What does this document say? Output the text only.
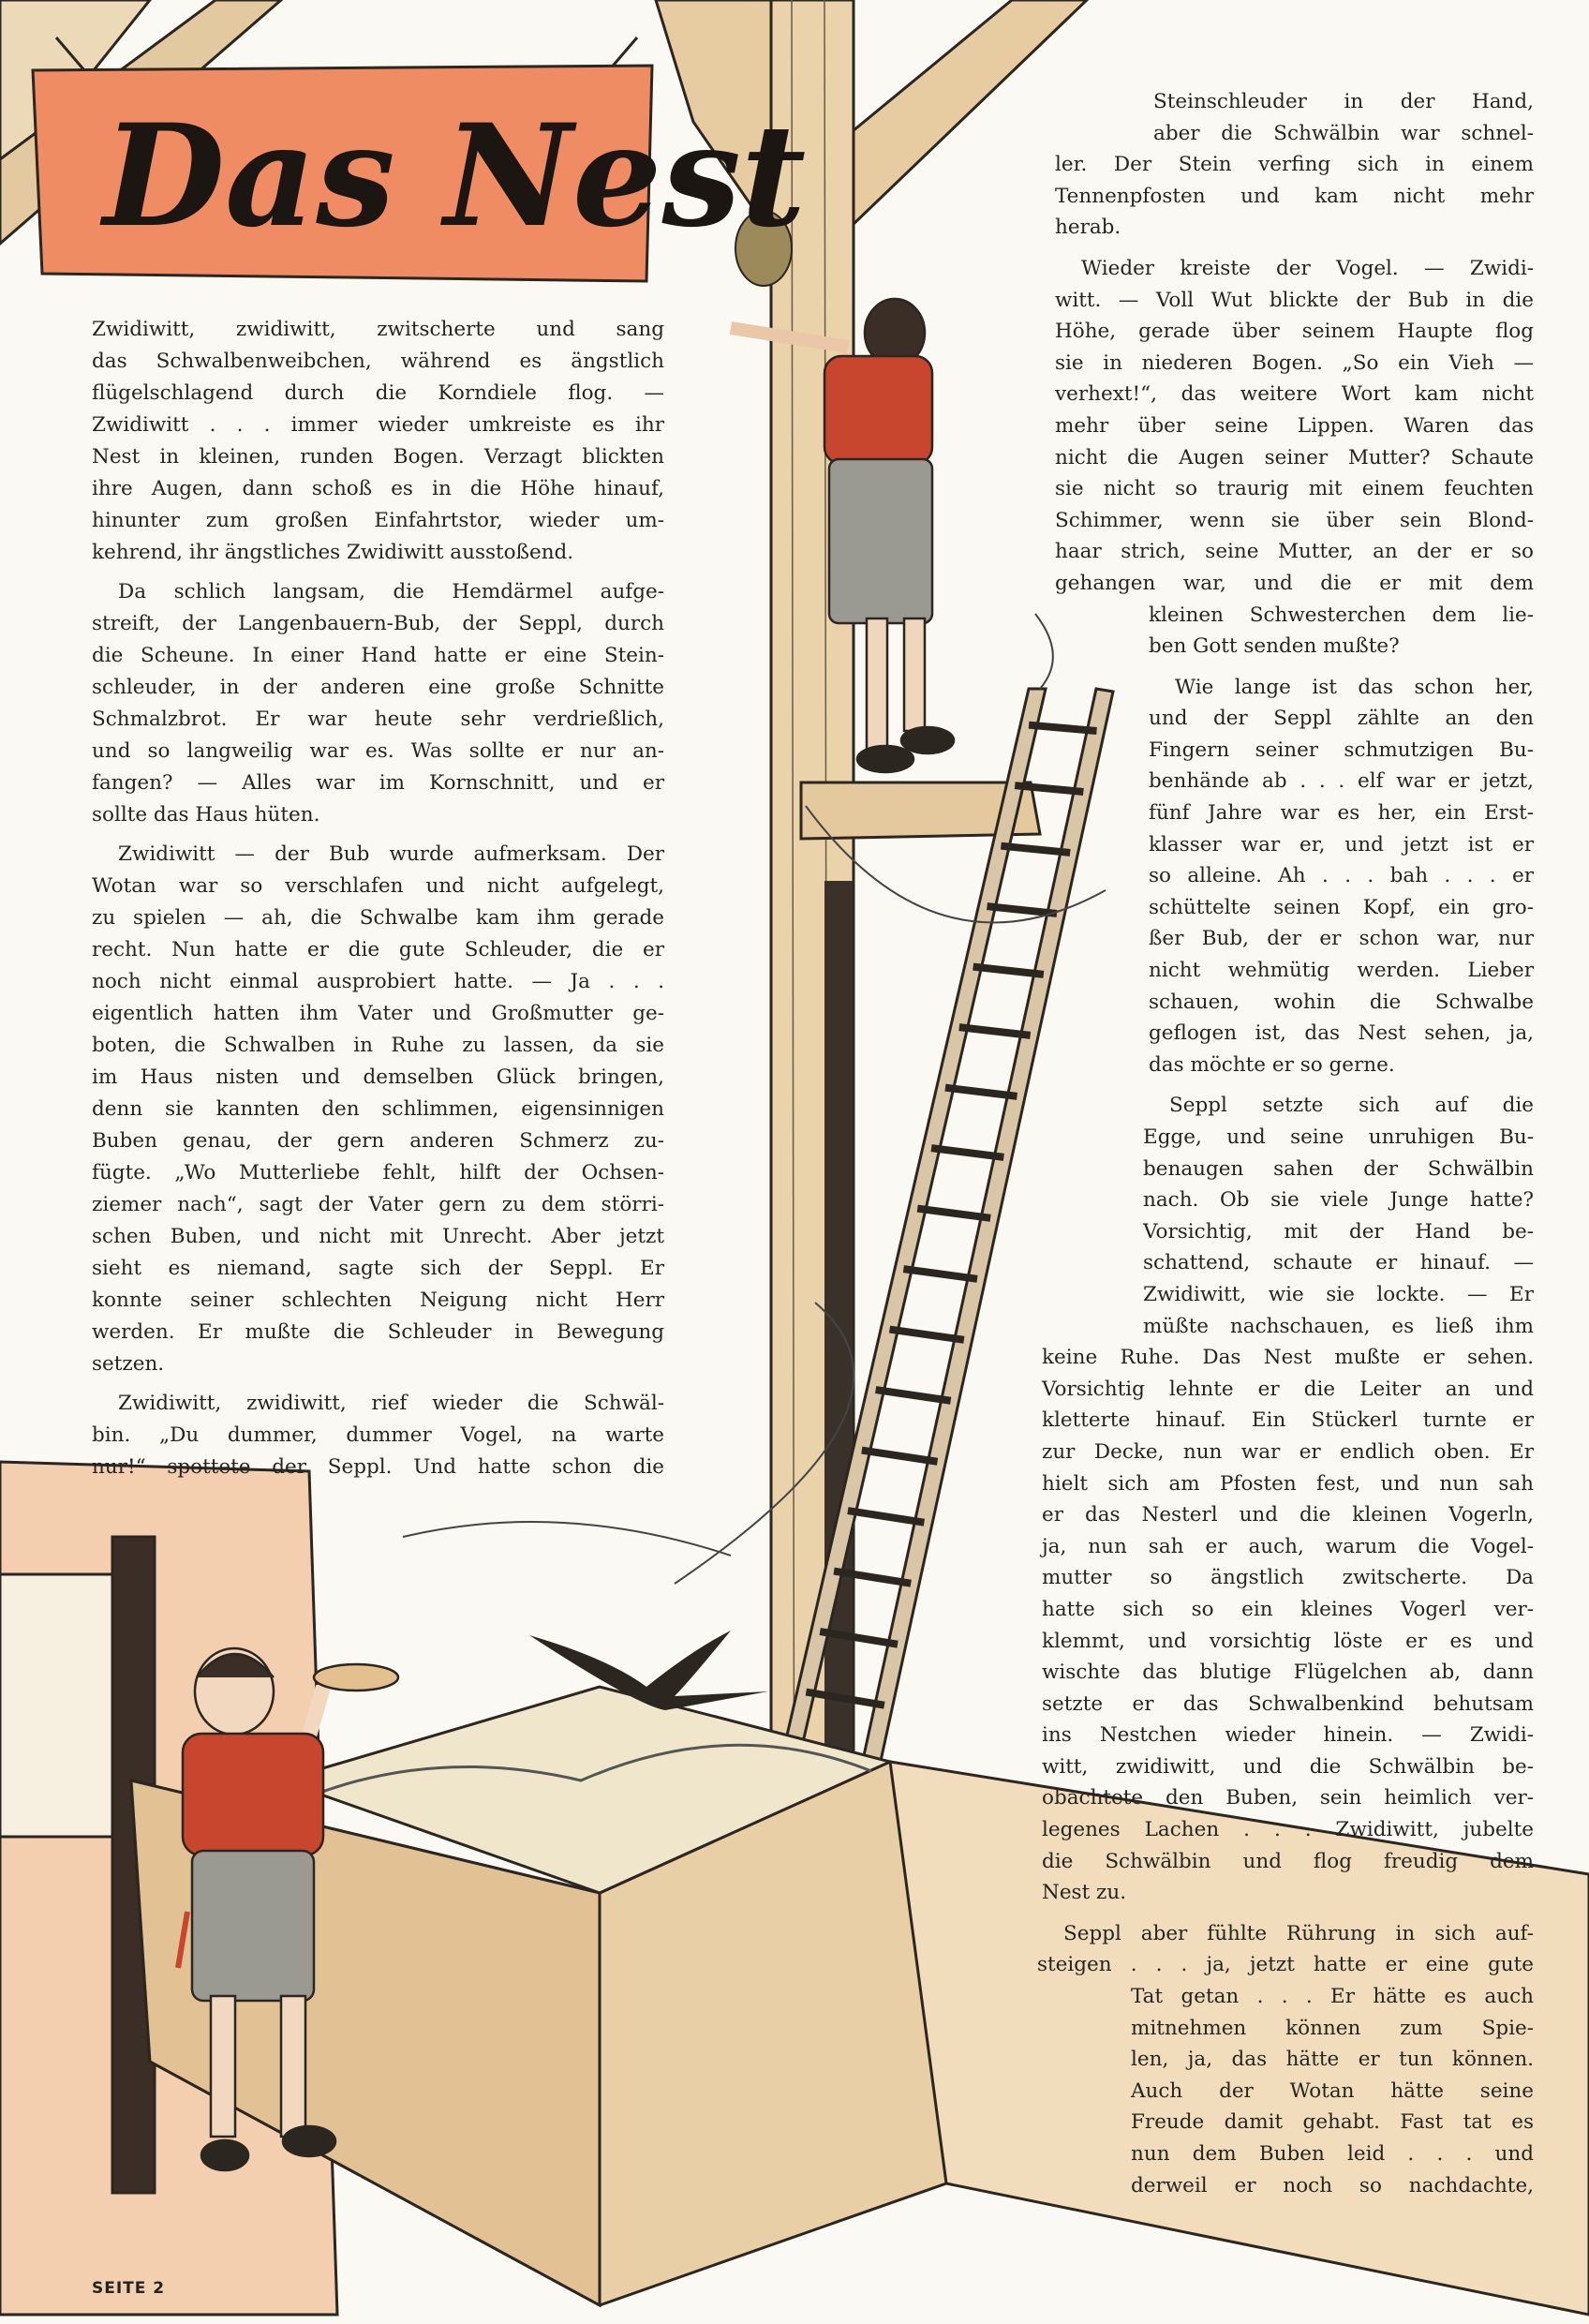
Das Nest
Zwidiwitt, zwidiwitt, zwitscherte und sang
das Schwalbenweibchen, während es ängstlich
flügelschlagend durch die Korndiele flog. —
Zwidiwitt . . . immer wieder umkreiste es ihr
Nest in kleinen, runden Bogen. Verzagt blickten
ihre Augen, dann schoß es in die Höhe hinauf,
hinunter zum großen Einfahrtstor, wieder um-
kehrend, ihr ängstliches Zwidiwitt ausstoßend.
Da schlich langsam, die Hemdärmel aufge-
streift, der Langenbauern-Bub, der Seppl, durch
die Scheune. In einer Hand hatte er eine Stein-
schleuder, in der anderen eine große Schnitte
Schmalzbrot. Er war heute sehr verdrießlich,
und so langweilig war es. Was sollte er nur an-
fangen? — Alles war im Kornschnitt, und er
sollte das Haus hüten.
Zwidiwitt — der Bub wurde aufmerksam. Der
Wotan war so verschlafen und nicht aufgelegt,
zu spielen — ah, die Schwalbe kam ihm gerade
recht. Nun hatte er die gute Schleuder, die er
noch nicht einmal ausprobiert hatte. — Ja . . .
eigentlich hatten ihm Vater und Großmutter ge-
boten, die Schwalben in Ruhe zu lassen, da sie
im Haus nisten und demselben Glück bringen,
denn sie kannten den schlimmen, eigensinnigen
Buben genau, der gern anderen Schmerz zu-
fügte. „Wo Mutterliebe fehlt, hilft der Ochsen-
ziemer nach“, sagt der Vater gern zu dem störri-
schen Buben, und nicht mit Unrecht. Aber jetzt
sieht es niemand, sagte sich der Seppl. Er
konnte seiner schlechten Neigung nicht Herr
werden. Er mußte die Schleuder in Bewegung
setzen.
Zwidiwitt, zwidiwitt, rief wieder die Schwäl-
bin. „Du dummer, dummer Vogel, na warte
nur!“ spottete der Seppl. Und hatte schon die
Steinschleuder in der Hand,
aber die Schwälbin war schnel-
ler. Der Stein verfing sich in einem
Tennenpfosten und kam nicht mehr
herab.
Wieder kreiste der Vogel. — Zwidi-
witt. — Voll Wut blickte der Bub in die
Höhe, gerade über seinem Haupte flog
sie in niederen Bogen. „So ein Vieh —
verhext!“, das weitere Wort kam nicht
mehr über seine Lippen. Waren das
nicht die Augen seiner Mutter? Schaute
sie nicht so traurig mit einem feuchten
Schimmer, wenn sie über sein Blond-
haar strich, seine Mutter, an der er so
gehangen war, und die er mit dem
kleinen Schwesterchen dem lie-
ben Gott senden mußte?
Wie lange ist das schon her,
und der Seppl zählte an den
Fingern seiner schmutzigen Bu-
benhände ab . . . elf war er jetzt,
fünf Jahre war es her, ein Erst-
klasser war er, und jetzt ist er
so alleine. Ah . . . bah . . . er
schüttelte seinen Kopf, ein gro-
ßer Bub, der er schon war, nur
nicht wehmütig werden. Lieber
schauen, wohin die Schwalbe
geflogen ist, das Nest sehen, ja,
das möchte er so gerne.
Seppl setzte sich auf die
Egge, und seine unruhigen Bu-
benaugen sahen der Schwälbin
nach. Ob sie viele Junge hatte?
Vorsichtig, mit der Hand be-
schattend, schaute er hinauf. —
Zwidiwitt, wie sie lockte. — Er
müßte nachschauen, es ließ ihm
keine Ruhe. Das Nest mußte er sehen.
Vorsichtig lehnte er die Leiter an und
kletterte hinauf. Ein Stückerl turnte er
zur Decke, nun war er endlich oben. Er
hielt sich am Pfosten fest, und nun sah
er das Nesterl und die kleinen Vogerln,
ja, nun sah er auch, warum die Vogel-
mutter so ängstlich zwitscherte. Da
hatte sich so ein kleines Vogerl ver-
klemmt, und vorsichtig löste er es und
wischte das blutige Flügelchen ab, dann
setzte er das Schwalbenkind behutsam
ins Nestchen wieder hinein. — Zwidi-
witt, zwidiwitt, und die Schwälbin be-
obachtete den Buben, sein heimlich ver-
legenes Lachen . . . Zwidiwitt, jubelte
die Schwälbin und flog freudig dem
Nest zu.
Seppl aber fühlte Rührung in sich auf-
steigen . . . ja, jetzt hatte er eine gute
Tat getan . . . Er hätte es auch
mitnehmen können zum Spie-
len, ja, das hätte er tun können.
Auch der Wotan hätte seine
Freude damit gehabt. Fast tat es
nun dem Buben leid . . . und
derweil er noch so nachdachte,
SEITE 2
